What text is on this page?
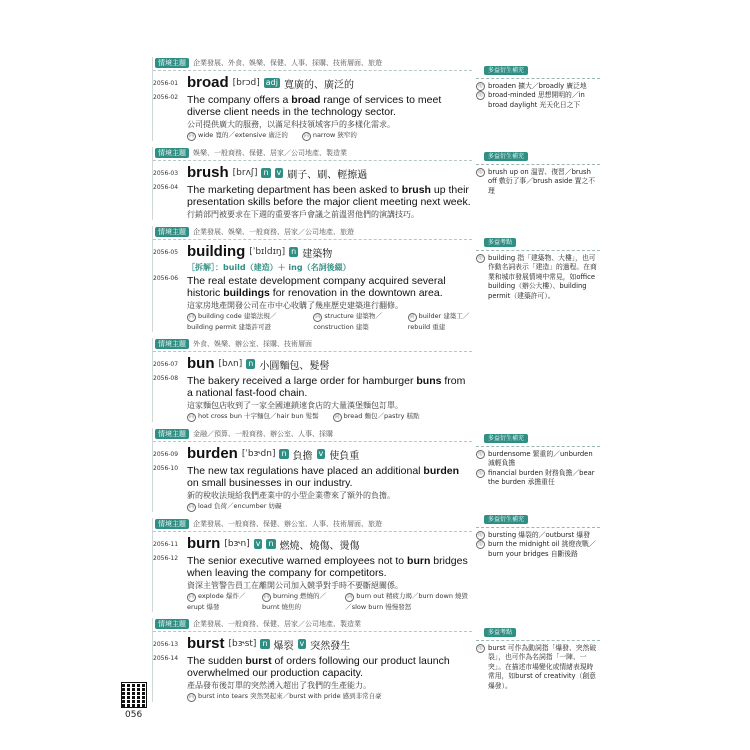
情境主題	企業發展、外食、娛樂、保健、人事、採購、技術層面、旅遊
2056-01 broad [brɔd] adj 寬廣的、廣泛的
2056-02 The company offers a broad range of services to meet diverse client needs in the technology sector.
公司提供廣大的服務，以滿足科技領域客戶的多樣化需求。
同 wide 寬的／extensive 廣泛的	同 narrow 狹窄的
情境主題	娛樂、一般商務、保健、居家／公司地產、製造業
2056-03 brush [brʌʃ] n v 刷子、刷、輕擦過
2056-04 The marketing department has been asked to brush up their presentation skills before the major client meeting next week.
行銷部門被要求在下週的重要客戶會議之前溫習他們的演講技巧。
情境主題	企業發展、娛樂、一般商務、居家／公司地產、旅遊
2056-05 building [ˈbɪldɪŋ] n 建築物
［拆解］：build（建造）＋ ing（名詞後綴）
2056-06 The real estate development company acquired several historic buildings for renovation in the downtown area.
這家房地產開發公司在市中心收購了幾座歷史建築進行翻修。
同 building code 建築法規／building permit 建築許可證
同 structure 建築物／construction 建築
同 builder 建築工／rebuild 重建
情境主題	外食、娛樂、辦公室、採購、技術層面
2056-07 bun [bʌn] n 小圓麵包、髮髻
2056-08 The bakery received a large order for hamburger buns from a national fast-food chain.
這家麵包店收到了一家全國連鎖速食店的大量漢堡麵包訂單。
同 hot cross bun 十字麵包／hair bun 髮髻	同 bread 麵包／pastry 糕點
情境主題	金融／預算、一般商務、辦公室、人事、採購
2056-09 burden [ˈbɝdn] n 負擔 v 使負重
2056-10 The new tax regulations have placed an additional burden on small businesses in our industry.
新的稅收法規給我們產業中的小型企業帶來了額外的負擔。
同 load 負荷／encumber 妨礙
情境主題	企業發展、一般商務、保健、辦公室、人事、技術層面、旅遊
2056-11 burn [bɝn] v n 燃燒、燒傷、燙傷
2056-12 The senior executive warned employees not to burn bridges when leaving the company for competitors.
資深主管警告員工在離開公司加入競爭對手時不要斷絕關係。
同 explode 爆炸／erupt 爆發
同 burning 燃燒的／burnt 燒焦的
同 burn out 精疲力竭／burn down 燒毀／slow burn 慢慢發怒
情境主題	企業發展、一般商務、保健、居家／公司地產、製造業
2056-13 burst [bɝst] n 爆裂 v 突然發生
2056-14 The sudden burst of orders following our product launch overwhelmed our production capacity.
產品發布後訂單的突然湧入超出了我們的生產能力。
同 burst into tears 突然哭起來／burst with pride 感到非常自豪
多益衍生補充
衍 broaden 擴大／broadly 廣泛地
衍 broad-minded 思想開明的／in broad daylight 光天化日之下
多益衍生補充
衍 brush up on 溫習、復習／brush off 敷衍了事／brush aside 置之不理
多益考點
衍 building 指「建築物、大樓」，也可作動名詞表示「建造」的過程。在商業和城市發展情境中常見，如office building（辦公大樓）、building permit（建築許可）。
多益衍生補充
衍 burdensome 繁重的／unburden 減輕負擔
衍 financial burden 財務負擔／bear the burden 承擔重任
多益衍生補充
衍 bursting 爆裂的／outburst 爆發
衍 burn the midnight oil 挑燈夜戰／burn your bridges 自斷後路
多益考點
衍 burst 可作為動詞指「爆發、突然破裂」，也可作為名詞指「一陣、一突」。在描述市場變化或情緒表現時常用，如burst of creativity（創意爆發）。
056
